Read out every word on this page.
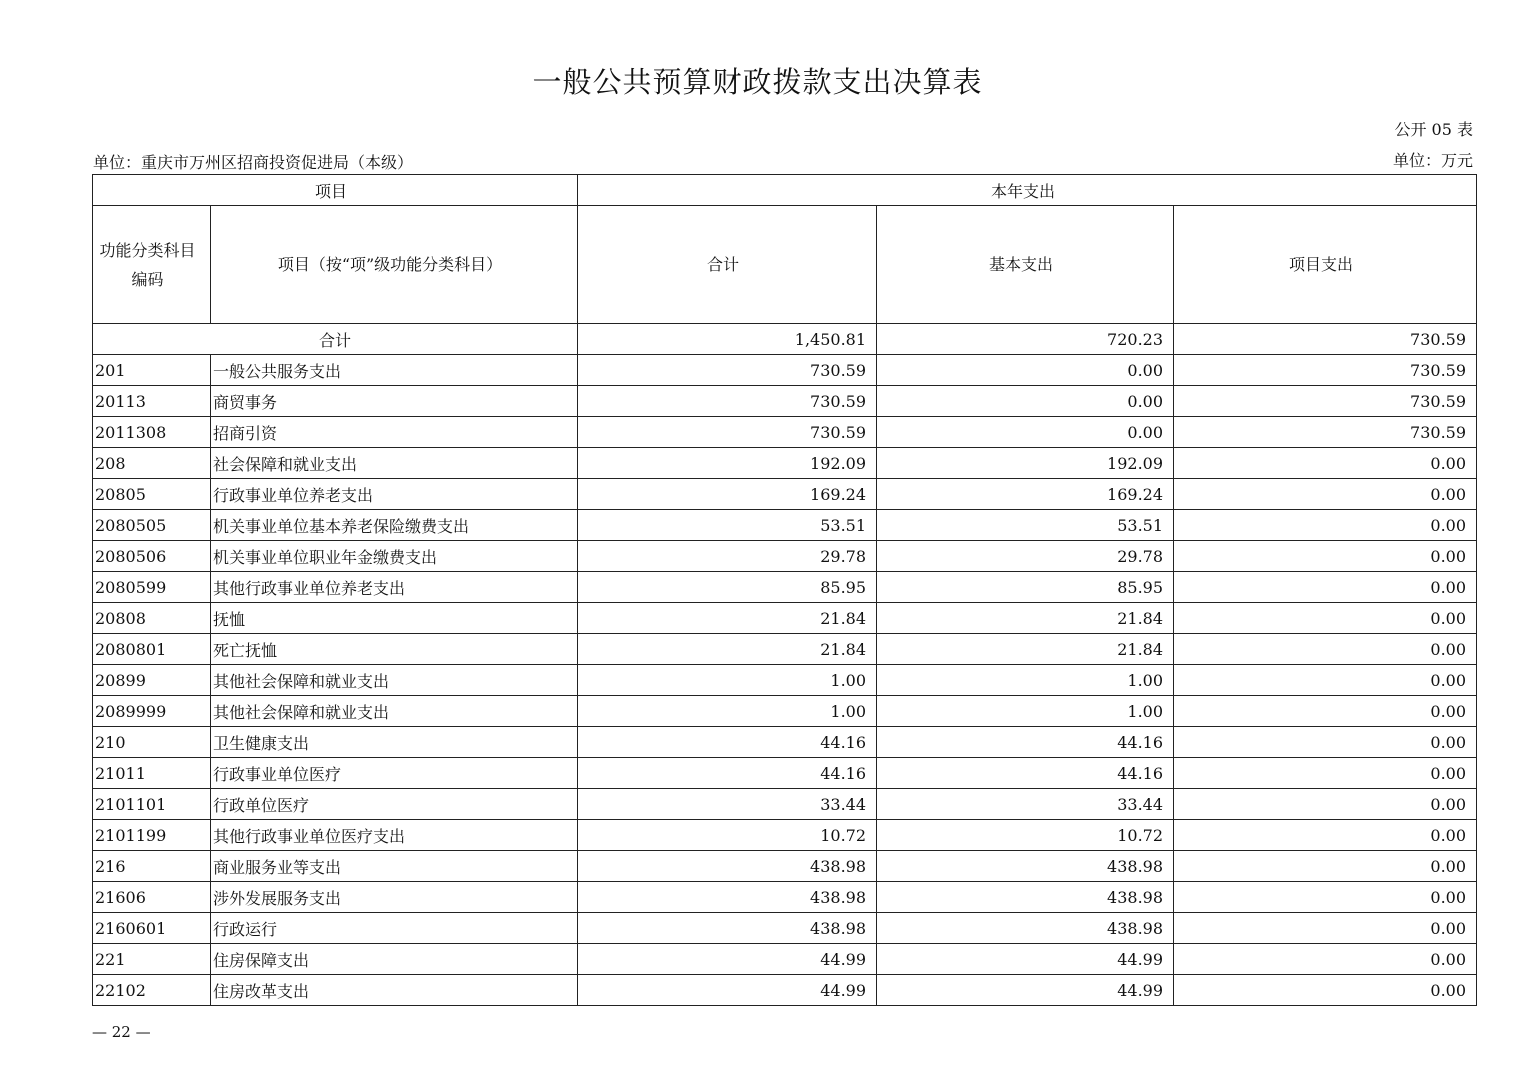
一般公共预算财政拨款支出决算表
公开 05 表
单位：重庆市万州区招商投资促进局（本级）	单位：万元
项目		本年支出		
功能分类科目
编码	项目（按“项”级功能分类科目）	合计	基本支出	项目支出
合计		1,450.81	720.23	730.59
201	一般公共服务支出	730.59	0.00	730.59
20113	商贸事务	730.59	0.00	730.59
2011308	招商引资	730.59	0.00	730.59
208	社会保障和就业支出	192.09	192.09	0.00
20805	行政事业单位养老支出	169.24	169.24	0.00
2080505	机关事业单位基本养老保险缴费支出	53.51	53.51	0.00
2080506	机关事业单位职业年金缴费支出	29.78	29.78	0.00
2080599	其他行政事业单位养老支出	85.95	85.95	0.00
20808	抚恤	21.84	21.84	0.00
2080801	死亡抚恤	21.84	21.84	0.00
20899	其他社会保障和就业支出	1.00	1.00	0.00
2089999	其他社会保障和就业支出	1.00	1.00	0.00
210	卫生健康支出	44.16	44.16	0.00
21011	行政事业单位医疗	44.16	44.16	0.00
2101101	行政单位医疗	33.44	33.44	0.00
2101199	其他行政事业单位医疗支出	10.72	10.72	0.00
216	商业服务业等支出	438.98	438.98	0.00
21606	涉外发展服务支出	438.98	438.98	0.00
2160601	行政运行	438.98	438.98	0.00
221	住房保障支出	44.99	44.99	0.00
22102	住房改革支出	44.99	44.99	0.00
— 22 —
